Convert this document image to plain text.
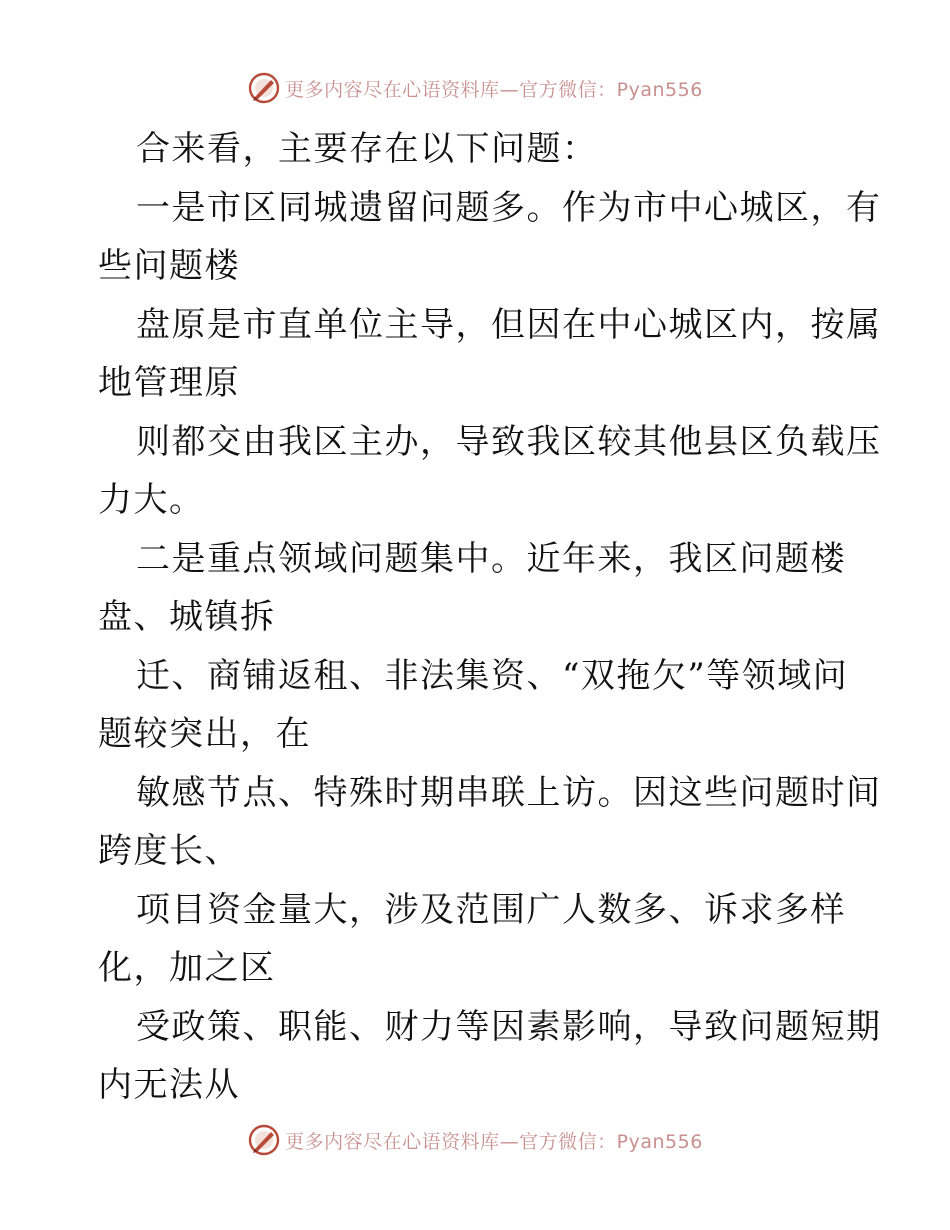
更多内容尽在心语资料库—官方微信：Pyan556
合来看，主要存在以下问题：
一是市区同城遗留问题多。作为市中心城区，有
些问题楼
盘原是市直单位主导，但因在中心城区内，按属
地管理原
则都交由我区主办，导致我区较其他县区负载压
力大。
二是重点领域问题集中。近年来，我区问题楼
盘、城镇拆
迁、商铺返租、非法集资、“双拖欠”等领域问
题较突出，在
敏感节点、特殊时期串联上访。因这些问题时间
跨度长、
项目资金量大，涉及范围广人数多、诉求多样
化，加之区
受政策、职能、财力等因素影响，导致问题短期
内无法从
更多内容尽在心语资料库—官方微信：Pyan556
